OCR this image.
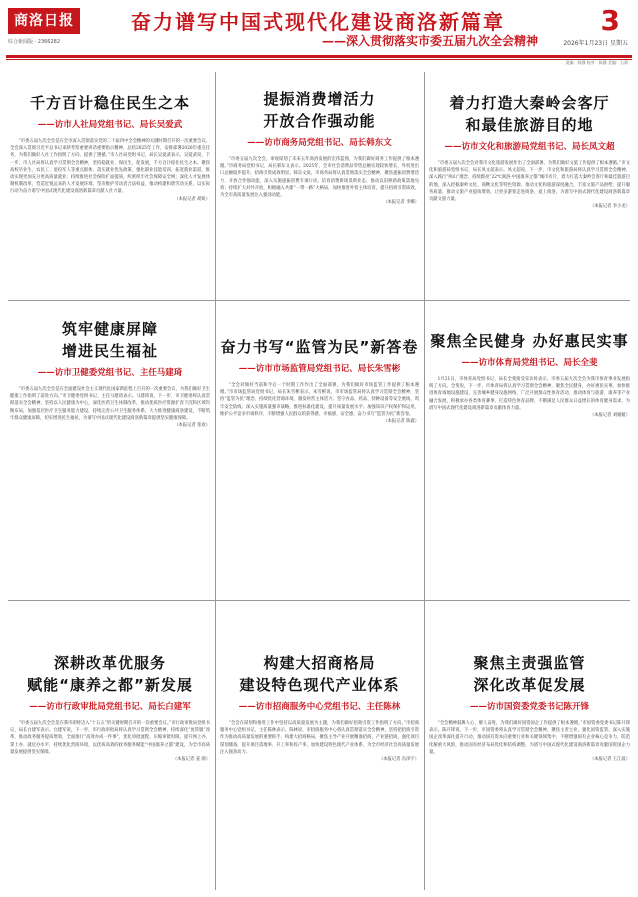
商洛日报
综合新闻版 · 2366282
奋力谱写中国式现代化建设商洛新篇章
——深入贯彻落实市委五届九次全会精神
3
2026年1月23日 星期五
责编：陈静 校对：陈静 美编：石莉
千方百计稳住民生之本
——访市人社局党组书记、局长吴爱武

“市委五届九次全会是在全市深入贯彻落实党的二十届四中全会精神的关键时期召开的一次重要会议。全会深入贯彻习近平总书记来陕考察重要讲话重要指示精神，总结2025年工作，安排部署2026年重点任务，为我们做好人社工作指明了方向、提供了遵循。”市人社局党组书记、局长吴爱武表示。吴爱武说，下一步，市人社局将认真学习贯彻全会精神，坚持稳就业、保民生、促发展，千方百计稳住民生之本。聚焦高校毕业生、农民工、退役军人等重点群体，落实就业优先政策，强化职业技能培训，拓宽就业渠道，推动实现更加充分更高质量就业；持续推进社会保险扩面提质，织密织牢社会保障安全网；深化人才发展体制机制改革，营造近悦远来的人才发展环境；坚决维护劳动者合法权益，推动构建和谐劳动关系，以实际行动为奋力谱写中国式现代化建设商洛新篇章贡献人社力量。

（本报记者 胡锐）
提振消费增活力
开放合作强动能
——访市商务局党组书记、局长韩东文

“市委五届九次全会，审视谋划了未来五年商洛发展的宏伟蓝图，为我们做好商务工作提供了根本遵循。”市商务局党组书记、局长韩东文表示。2025年，全市社会消费品零售总额实现较快增长，外贸进出口总额稳步提升，招商引资成效明显。韩东文说，市商务局将认真贯彻落实全会精神，聚焦提振消费增活力、开放合作强动能，深入实施提振消费专项行动，培育消费新场景新业态，推动以旧换新政策落地见效；持续扩大对外开放，积极融入共建“一带一路”大格局，加快推进外贸主体培育，提升招商引资质效，为全市高质量发展注入强劲动能。

（本报记者 李娜）
着力打造大秦岭会客厅
和最佳旅游目的地
——访市文化和旅游局党组书记、局长凤文超

“市委五届九次全会对我市文化旅游发展作出了全面部署，为我们做好文旅工作提供了根本遵循。”市文化和旅游局党组书记、局长凤文超表示。凤文超说，下一步，市文化和旅游局将认真学习贯彻全会精神，深入践行“两山”理念，持续擦亮“22℃商洛·中国康养之都”城市名片，着力打造大秦岭会客厅和最佳旅游目的地。深入挖掘秦岭文化、商鞅文化等特色资源，推动文化和旅游深度融合，丰富文旅产品供给，提升服务质量，推动文旅产业提质增效，让更多游客走进商洛、爱上商洛，为谱写中国式现代化建设商洛新篇章贡献文旅力量。

（本报记者 李小龙）
筑牢健康屏障
增进民生福祉
——访市卫健委党组书记、主任马建琦

“市委五届九次全会是在全面建设社会主义现代化国家新征程上召开的一次重要会议，为我们做好卫生健康工作指明了前进方向。”市卫健委党组书记、主任马建琦表示。马建琦说，下一步，市卫健委将认真贯彻落实全会精神，坚持以人民健康为中心，深化医药卫生体制改革，推动优质医疗资源扩容下沉和区域均衡布局，加强基层医疗卫生服务能力建设，持续完善公共卫生服务体系，大力推进健康商洛建设，不断筑牢群众健康屏障，切实增进民生福祉，为谱写中国式现代化建设商洛新篇章提供坚实健康保障。

（本报记者 张欢）
奋力书写“监管为民”新答卷
——访市市场监管局党组书记、局长朱雪彬

“全会对做好当前和今后一个时期工作作出了全面部署，为我们做好市场监管工作提供了根本遵循。”市市场监管局党组书记、局长朱雪彬表示。朱雪彬说，市市场监管局将认真学习贯彻全会精神，坚持“监管为民”理念，持续优化营商环境，激发经营主体活力；坚守食品、药品、特种设备等安全底线，筑牢安全防线；深入实施质量强市战略，推进标准化建设，提升质量发展水平；加强知识产权保护和运用，维护公平竞争市场秩序，不断增强人民群众的获得感、幸福感、安全感，奋力书写“监管为民”新答卷。

（本报记者 陈鑫）
聚焦全民健身 办好惠民实事
——访市体育局党组书记、局长全斐

1月21日，市体育局党组书记、局长全斐接受采访时表示，市委五届九次全会为我市体育事业发展指明了方向。全斐说，下一步，市体育局将认真学习贯彻全会精神，聚焦全民健身，办好惠民实事。加快推进体育场地设施建设，完善城乡健身设施网络，广泛开展群众性体育活动，推动体育与旅游、康养等产业融合发展，积极承办各类体育赛事，打造特色体育品牌，不断满足人民群众日益增长的体育健身需求，为谱写中国式现代化建设商洛新篇章贡献体育力量。

（本报记者 刘媛媛）
深耕改革优服务
赋能“康养之都”新发展
——访市行政审批局党组书记、局长白建军

“市委五届九次全会是在我市即将迈入“十五五”的关键时期召开的一次重要会议。”市行政审批局党组书记、局长白建军表示。白建军说，下一步，市行政审批局将认真学习贯彻全会精神，持续深化“放管服”改革，推动政务服务提质增效，全面推行“高效办成一件事”，优化审批流程，压缩审批时限，提升网上办、掌上办、就近办水平，持续优化营商环境，以优质高效的政务服务赋能“中国康养之都”建设，为全市高质量发展提供坚实保障。

（本报记者 姜 颜）
构建大招商格局
建设特色现代产业体系
——访市招商服务中心党组书记、主任陈林

“全会在谋划和推进工作中坚持以高质量发展为主题，为我们做好招商引资工作指明了方向。”市招商服务中心党组书记、主任陈林表示。陈林说，市招商服务中心将认真贯彻落实全会精神，坚持把招商引资作为推动高质量发展的重要抓手，构建大招商格局，聚焦主导产业开展精准招商、产业链招商，强化项目谋划储备，提升项目落地率、开工率和投产率，加快建设特色现代产业体系，为全市经济社会高质量发展注入强劲动力。

（本报记者 冯泽宇）
聚焦主责强监管
深化改革促发展
——访市国资委党委书记陈开锋

“全会精神鼓舞人心、催人奋进，为我们做好国资国企工作提供了根本遵循。”市国资委党委书记陈开锋表示。陈开锋说，下一步，市国资委将认真学习贯彻全会精神，聚焦主责主业，强化国资监管，深入实施国企改革深化提升行动，推动国有资本向重要行业和关键领域集中，不断增强国有企业核心竞争力，防范化解重大风险，推动国有经济布局优化和结构调整，为谱写中国式现代化建设商洛新篇章贡献国资国企力量。

（本报记者 王江波）
